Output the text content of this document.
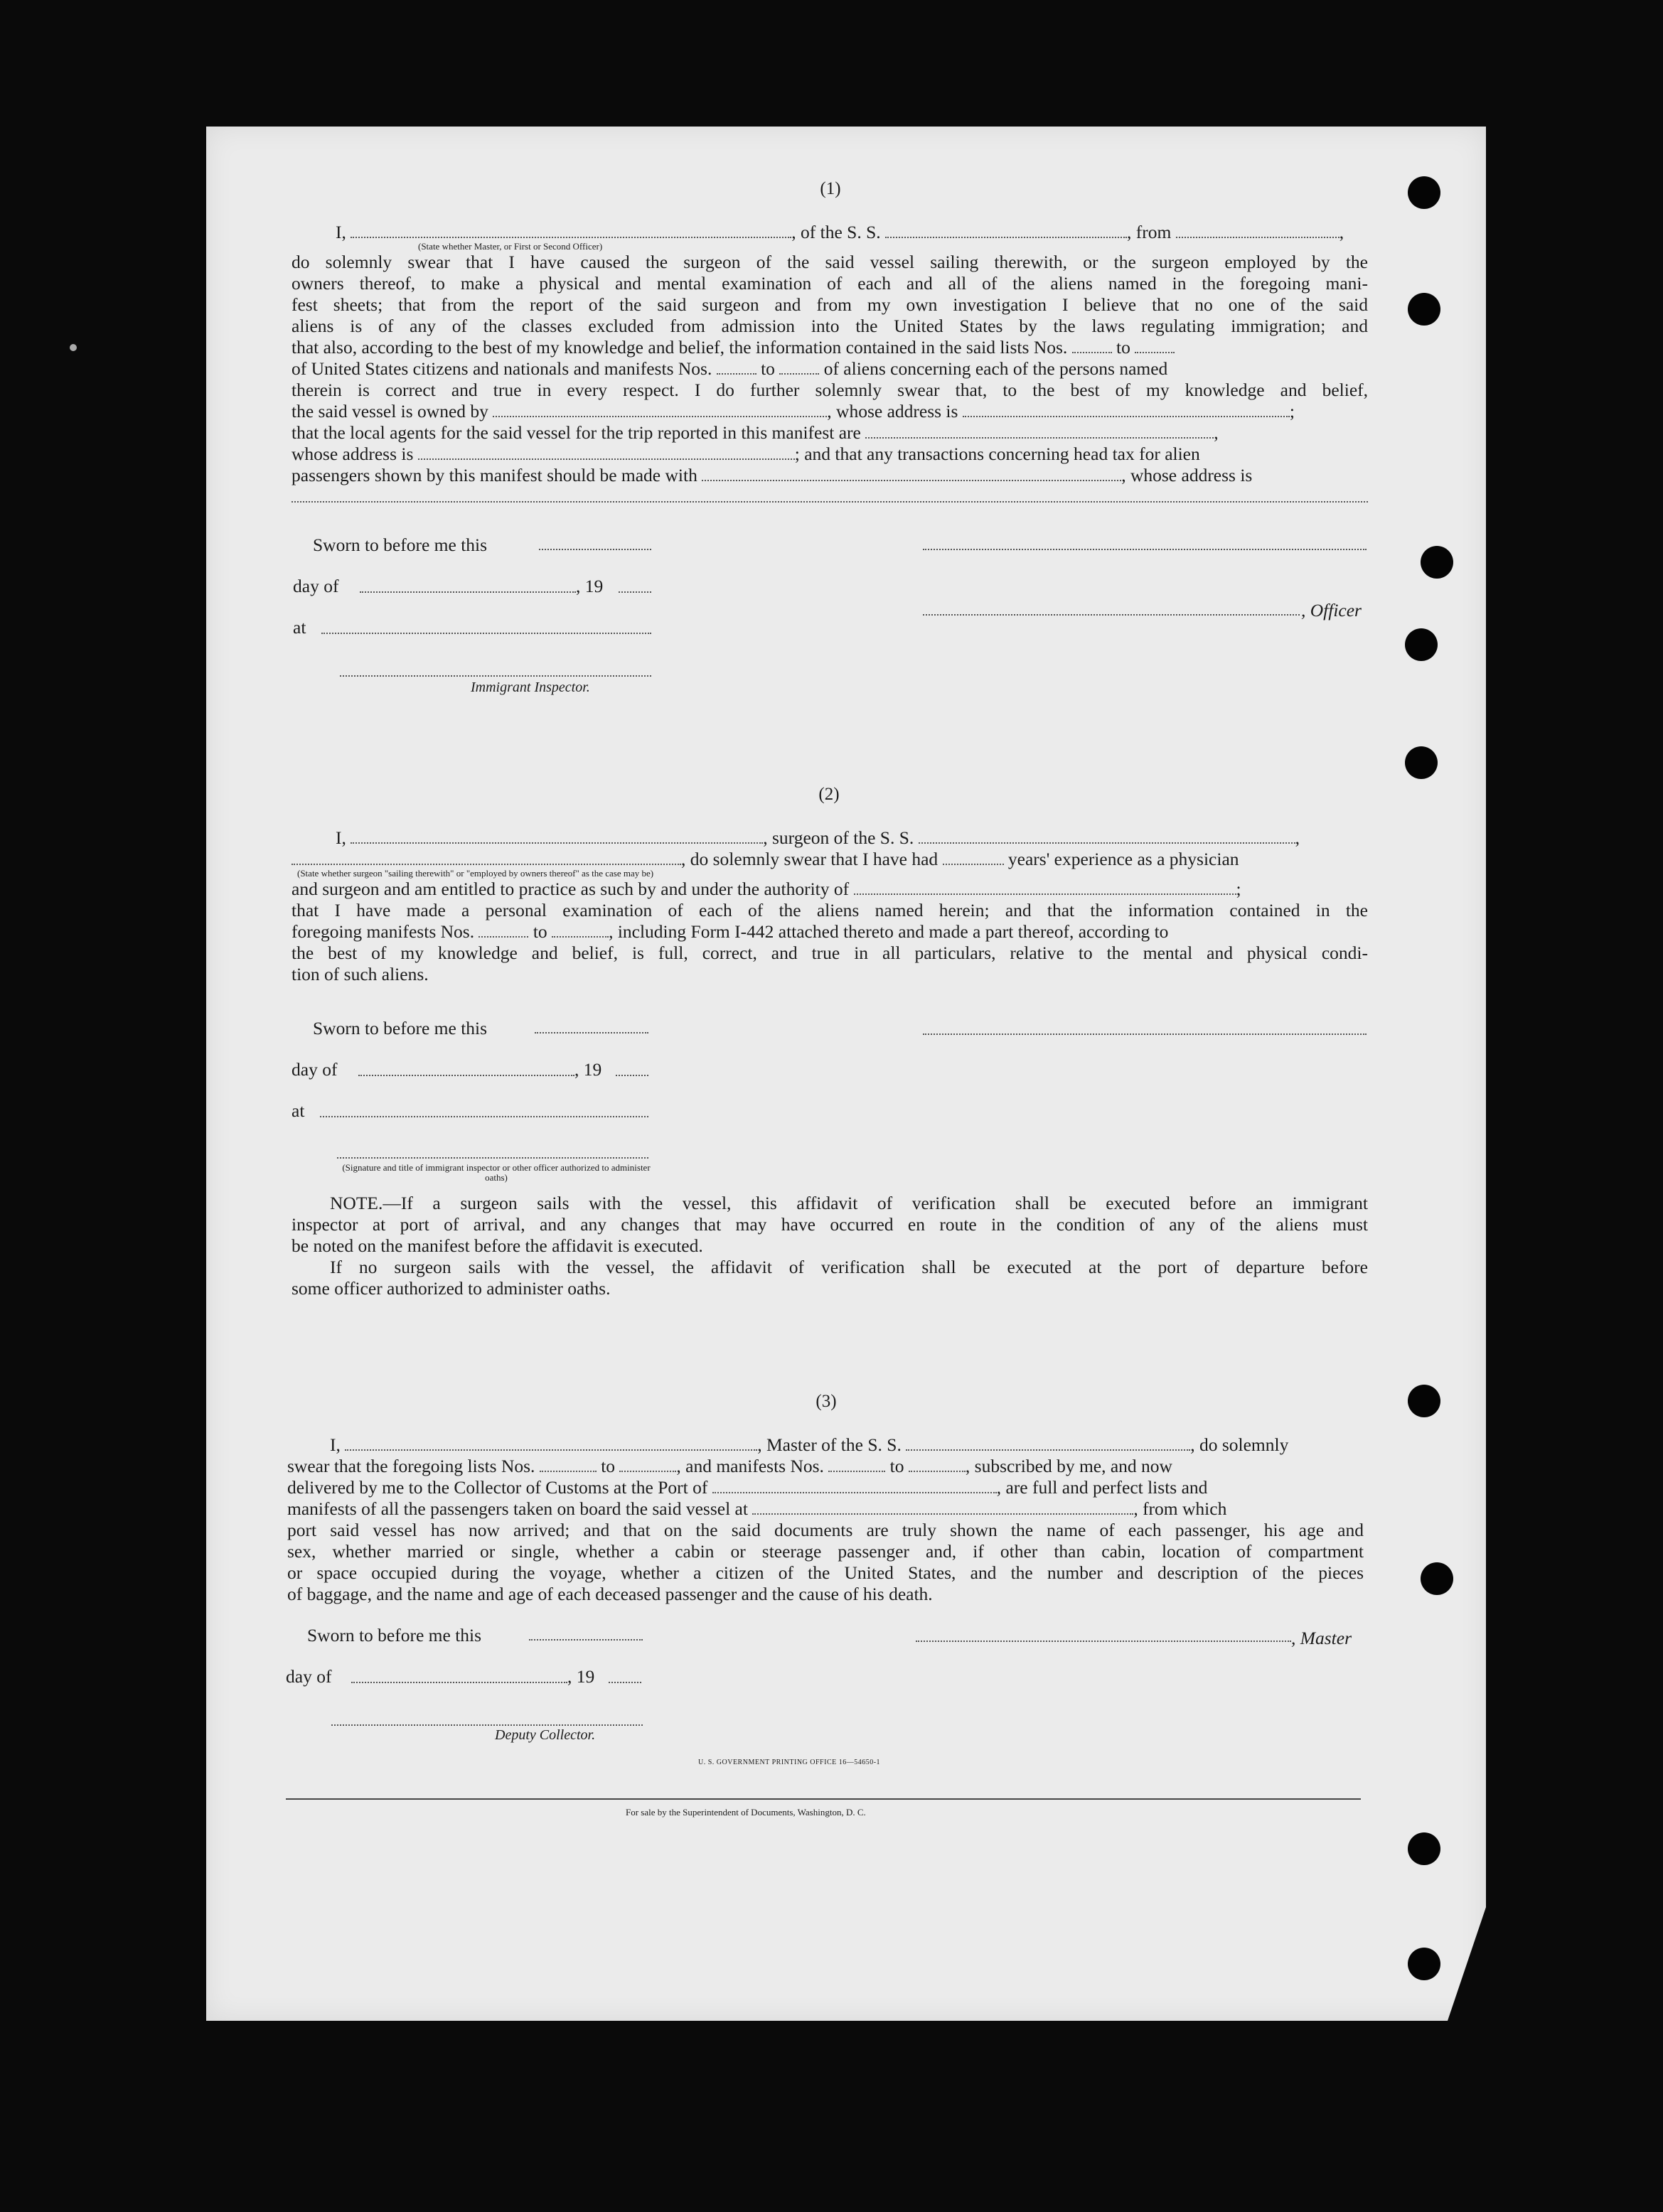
(1)
I,	, of the S. S.	, from	,
(State whether Master, or First or Second Officer)
do solemnly swear that I have caused the surgeon of the said vessel sailing therewith, or the surgeon employed by the
owners thereof, to make a physical and mental examination of each and all of the aliens named in the foregoing mani-
fest sheets; that from the report of the said surgeon and from my own investigation I believe that no one of the said
aliens is of any of the classes excluded from admission into the United States by the laws regulating immigration; and
that also, according to the best of my knowledge and belief, the information contained in the said lists Nos.	to
of United States citizens and nationals and manifests Nos.	to	of aliens concerning each of the persons named
therein is correct and true in every respect. I do further solemnly swear that, to the best of my knowledge and belief,
the said vessel is owned by	, whose address is	;
that the local agents for the said vessel for the trip reported in this manifest are	,
whose address is	; and that any transactions concerning head tax for alien
passengers shown by this manifest should be made with	, whose address is
Sworn to before me this
day of	, 19
, Officer
at
Immigrant Inspector.
(2)
I,	, surgeon of the S. S.	,
, do solemnly swear that I have had	years' experience as a physician
(State whether surgeon "sailing therewith" or "employed by owners thereof" as the case may be)
and surgeon and am entitled to practice as such by and under the authority of	;
that I have made a personal examination of each of the aliens named herein; and that the information contained in the
foregoing manifests Nos.	to	, including Form I-442 attached thereto and made a part thereof, according to
the best of my knowledge and belief, is full, correct, and true in all particulars, relative to the mental and physical condi-
tion of such aliens.
Sworn to before me this
day of	, 19
at
(Signature and title of immigrant inspector or other officer authorized to administer oaths)
NOTE.—If a surgeon sails with the vessel, this affidavit of verification shall be executed before an immigrant
inspector at port of arrival, and any changes that may have occurred en route in the condition of any of the aliens must
be noted on the manifest before the affidavit is executed.
If no surgeon sails with the vessel, the affidavit of verification shall be executed at the port of departure before
some officer authorized to administer oaths.
(3)
I,	, Master of the S. S.	, do solemnly
swear that the foregoing lists Nos.	to	, and manifests Nos.	to	, subscribed by me, and now
delivered by me to the Collector of Customs at the Port of	, are full and perfect lists and
manifests of all the passengers taken on board the said vessel at	, from which
port said vessel has now arrived; and that on the said documents are truly shown the name of each passenger, his age and
sex, whether married or single, whether a cabin or steerage passenger and, if other than cabin, location of compartment
or space occupied during the voyage, whether a citizen of the United States, and the number and description of the pieces
of baggage, and the name and age of each deceased passenger and the cause of his death.
Sworn to before me this	, Master
day of	, 19
Deputy Collector.
U. S. GOVERNMENT PRINTING OFFICE 16—54650-1
For sale by the Superintendent of Documents, Washington, D. C.
